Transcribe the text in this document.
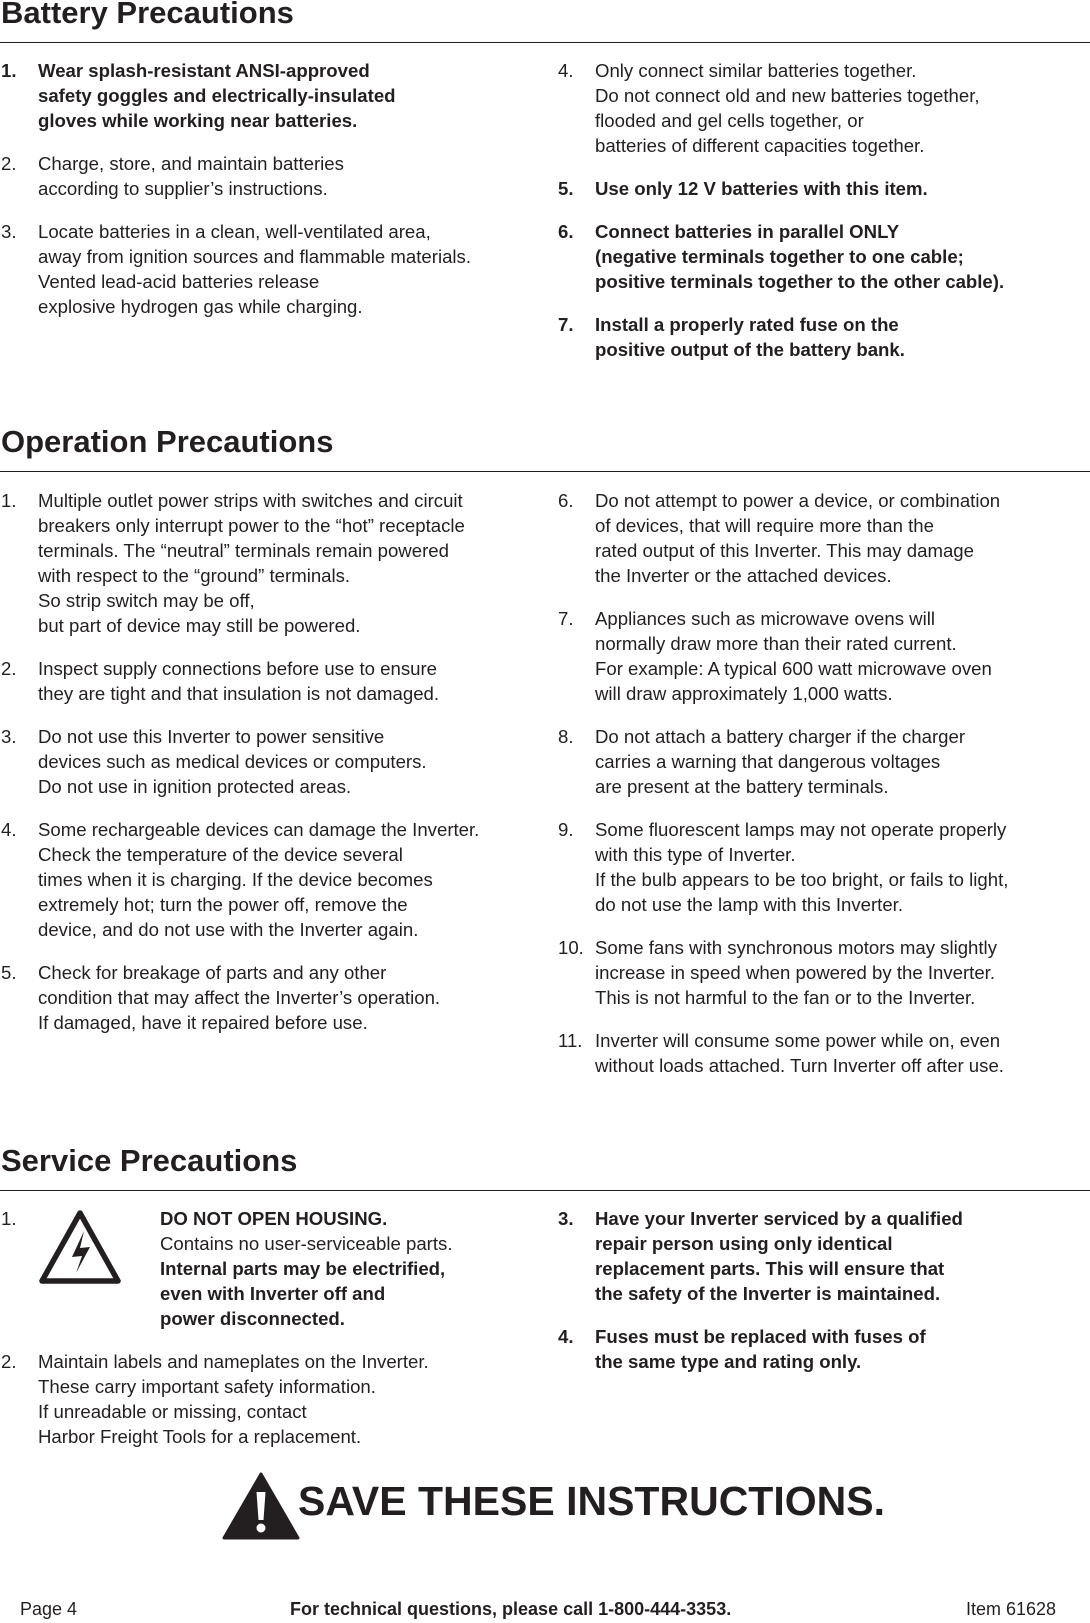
Battery Precautions
1. Wear splash-resistant ANSI-approved
safety goggles and electrically-insulated
gloves while working near batteries.
2. Charge, store, and maintain batteries
according to supplier’s instructions.
3. Locate batteries in a clean, well-ventilated area,
away from ignition sources and flammable materials.
Vented lead-acid batteries release
explosive hydrogen gas while charging.
4. Only connect similar batteries together.
Do not connect old and new batteries together,
flooded and gel cells together, or
batteries of different capacities together.
5. Use only 12 V batteries with this item.
6. Connect batteries in parallel ONLY
(negative terminals together to one cable;
positive terminals together to the other cable).
7. Install a properly rated fuse on the
positive output of the battery bank.
Operation Precautions
1. Multiple outlet power strips with switches and circuit
breakers only interrupt power to the “hot” receptacle
terminals. The “neutral” terminals remain powered
with respect to the “ground” terminals.
So strip switch may be off,
but part of device may still be powered.
2. Inspect supply connections before use to ensure
they are tight and that insulation is not damaged.
3. Do not use this Inverter to power sensitive
devices such as medical devices or computers.
Do not use in ignition protected areas.
4. Some rechargeable devices can damage the Inverter.
Check the temperature of the device several
times when it is charging. If the device becomes
extremely hot; turn the power off, remove the
device, and do not use with the Inverter again.
5. Check for breakage of parts and any other
condition that may affect the Inverter’s operation.
If damaged, have it repaired before use.
6. Do not attempt to power a device, or combination
of devices, that will require more than the
rated output of this Inverter. This may damage
the Inverter or the attached devices.
7. Appliances such as microwave ovens will
normally draw more than their rated current.
For example: A typical 600 watt microwave oven
will draw approximately 1,000 watts.
8. Do not attach a battery charger if the charger
carries a warning that dangerous voltages
are present at the battery terminals.
9. Some fluorescent lamps may not operate properly
with this type of Inverter.
If the bulb appears to be too bright, or fails to light,
do not use the lamp with this Inverter.
10. Some fans with synchronous motors may slightly
increase in speed when powered by the Inverter.
This is not harmful to the fan or to the Inverter.
11. Inverter will consume some power while on, even
without loads attached. Turn Inverter off after use.
Service Precautions
1.	DO NOT OPEN HOUSING.
Contains no user-serviceable parts.
Internal parts may be electrified,
even with Inverter off and
power disconnected.
2. Maintain labels and nameplates on the Inverter.
These carry important safety information.
If unreadable or missing, contact
Harbor Freight Tools for a replacement.
3. Have your Inverter serviced by a qualified
repair person using only identical
replacement parts. This will ensure that
the safety of the Inverter is maintained.
4. Fuses must be replaced with fuses of
the same type and rating only.
SAVE THESE INSTRUCTIONS.
Page 4	For technical questions, please call 1-800-444-3353.	Item 61628
